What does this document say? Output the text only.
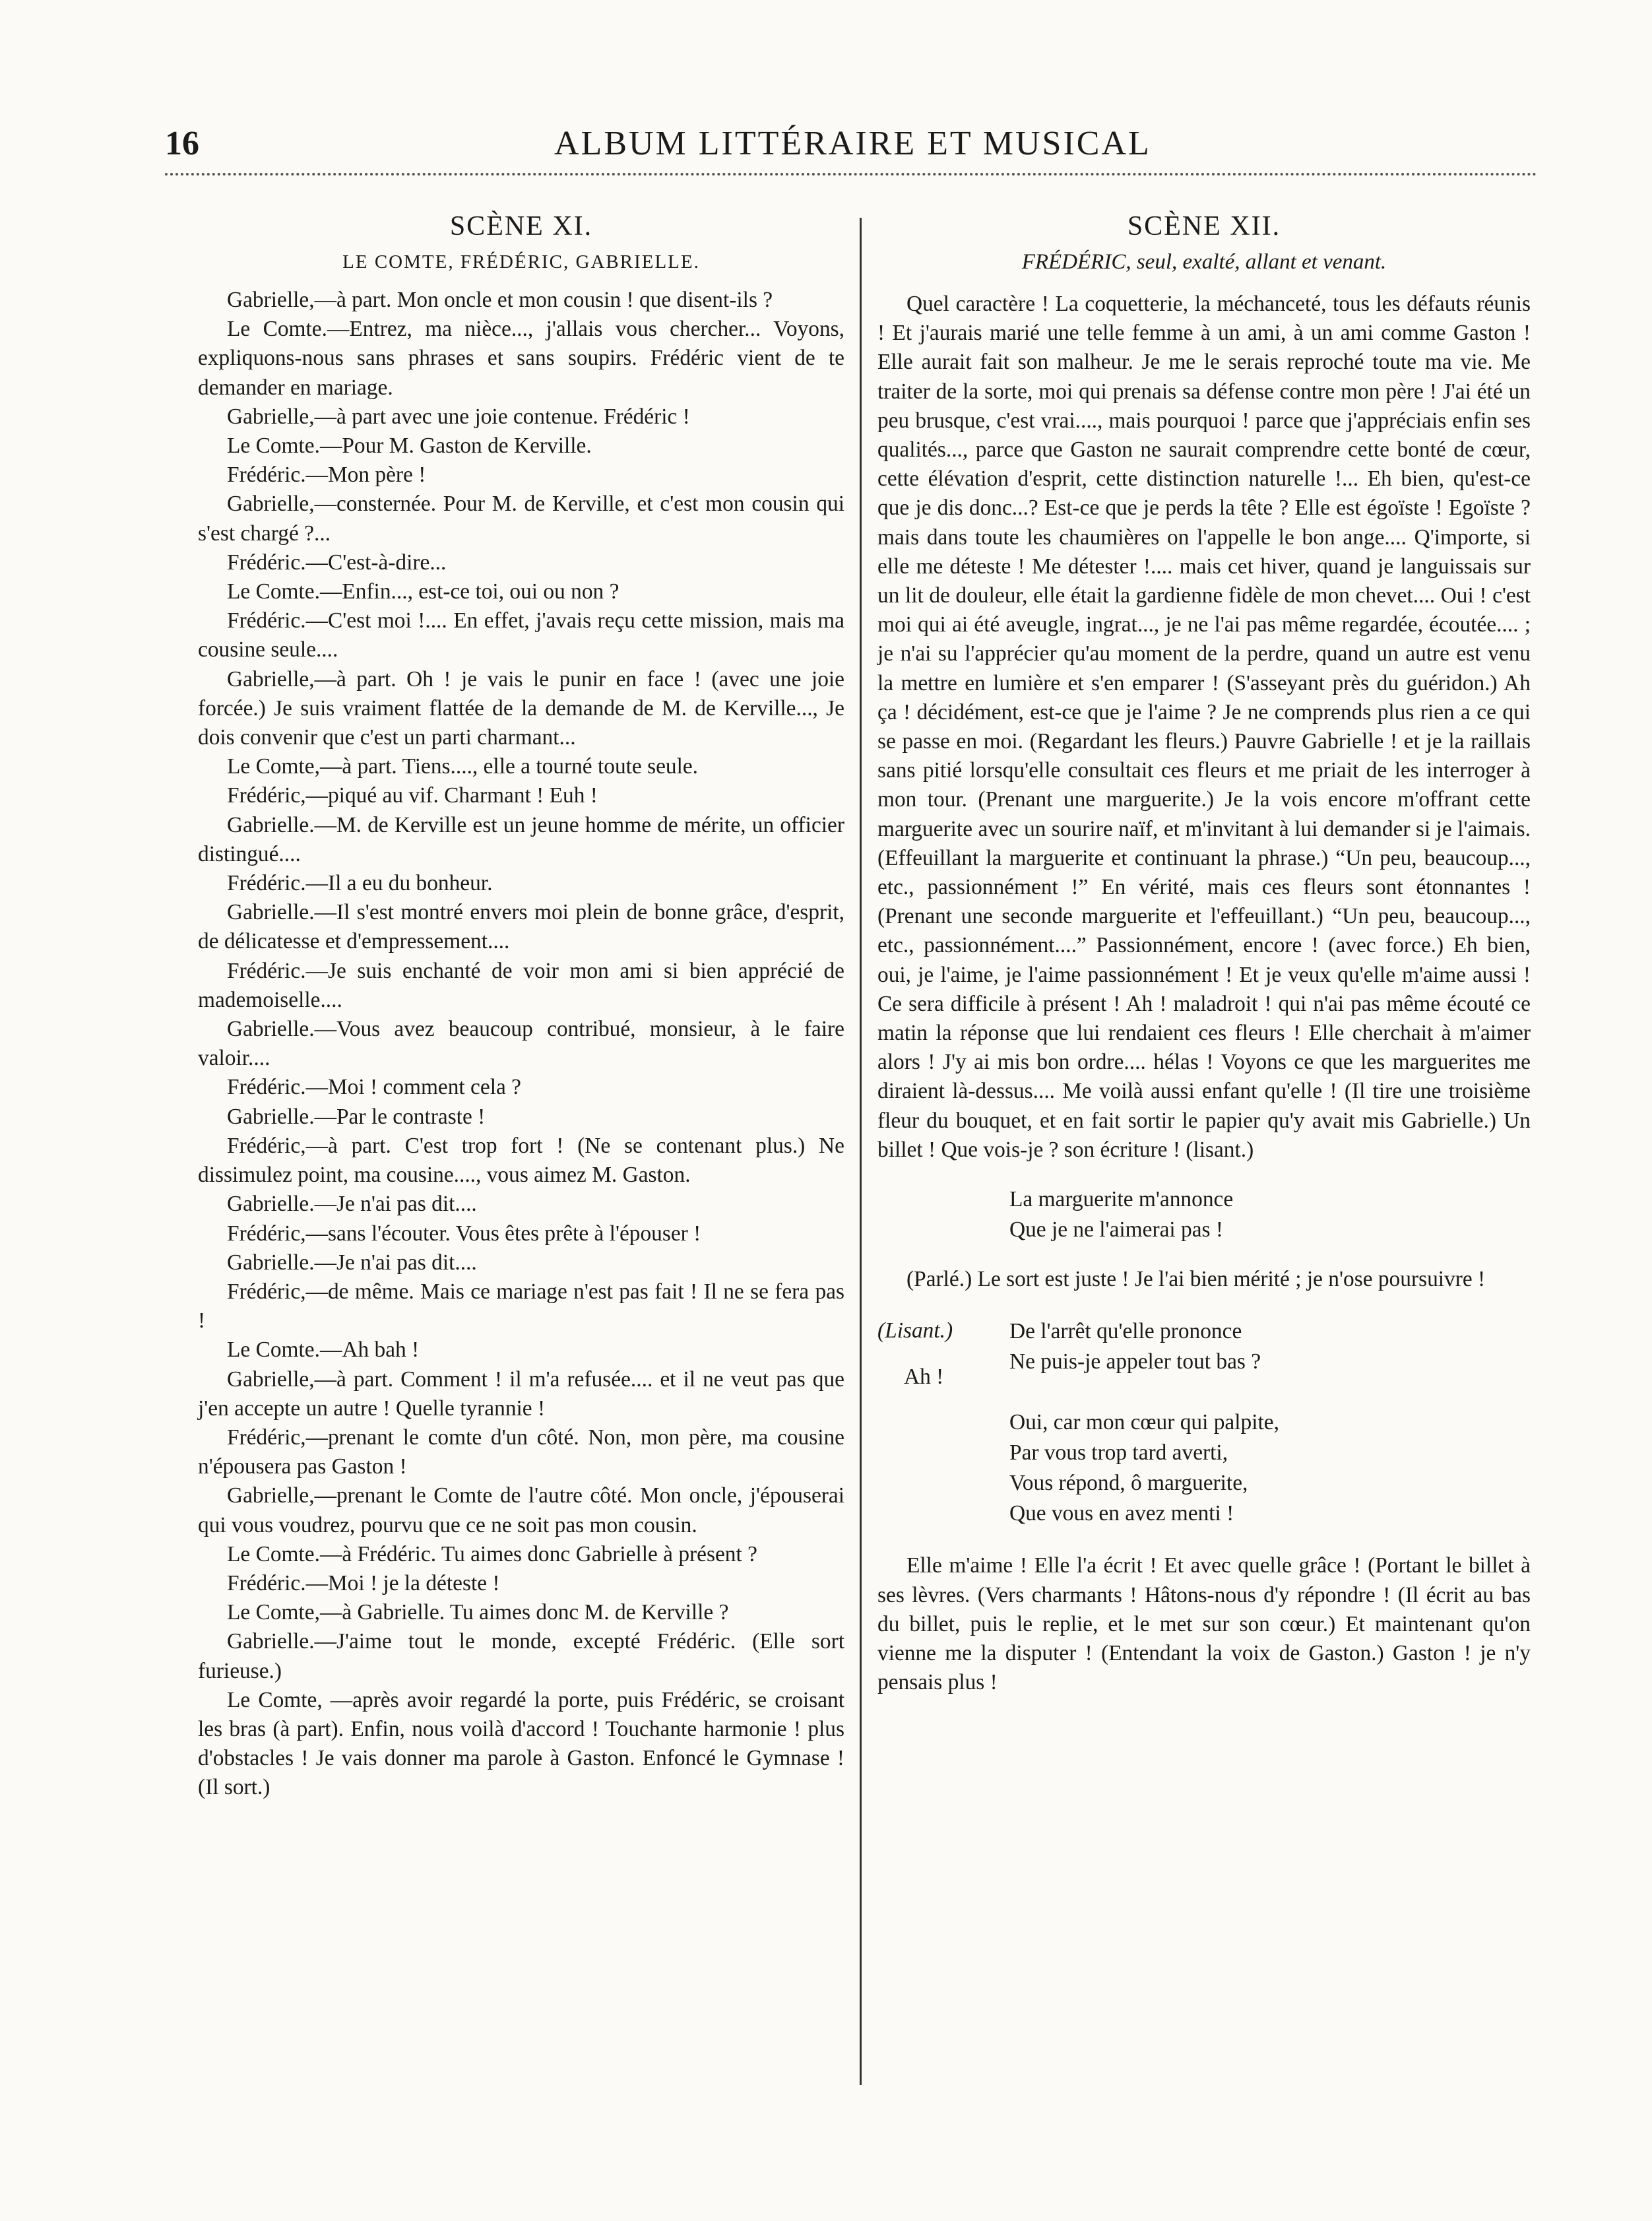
16	ALBUM LITTÉRAIRE ET MUSICAL
SCÈNE XI.
LE COMTE, FRÉDÉRIC, GABRIELLE.

Gabrielle,—à part. Mon oncle et mon cousin ! que disent-ils ?

Le Comte.—Entrez, ma nièce..., j'allais vous chercher... Voyons, expliquons-nous sans phrases et sans soupirs. Frédéric vient de te demander en mariage.

Gabrielle,—à part avec une joie contenue. Frédéric !

Le Comte.—Pour M. Gaston de Kerville.

Frédéric.—Mon père !

Gabrielle,—consternée. Pour M. de Kerville, et c'est mon cousin qui s'est chargé ?...

Frédéric.—C'est-à-dire...

Le Comte.—Enfin..., est-ce toi, oui ou non ?

Frédéric.—C'est moi !.... En effet, j'avais reçu cette mission, mais ma cousine seule....

Gabrielle,—à part. Oh ! je vais le punir en face ! (avec une joie forcée.) Je suis vraiment flattée de la demande de M. de Kerville..., Je dois convenir que c'est un parti charmant...

Le Comte,—à part. Tiens...., elle a tourné toute seule.

Frédéric,—piqué au vif. Charmant ! Euh !

Gabrielle.—M. de Kerville est un jeune homme de mérite, un officier distingué....

Frédéric.—Il a eu du bonheur.

Gabrielle.—Il s'est montré envers moi plein de bonne grâce, d'esprit, de délicatesse et d'empressement....

Frédéric.—Je suis enchanté de voir mon ami si bien apprécié de mademoiselle....

Gabrielle.—Vous avez beaucoup contribué, monsieur, à le faire valoir....

Frédéric.—Moi ! comment cela ?

Gabrielle.—Par le contraste !

Frédéric,—à part. C'est trop fort ! (Ne se contenant plus.) Ne dissimulez point, ma cousine...., vous aimez M. Gaston.

Gabrielle.—Je n'ai pas dit....

Frédéric,—sans l'écouter. Vous êtes prête à l'épouser !

Gabrielle.—Je n'ai pas dit....

Frédéric,—de même. Mais ce mariage n'est pas fait ! Il ne se fera pas !

Le Comte.—Ah bah !

Gabrielle,—à part. Comment ! il m'a refusée.... et il ne veut pas que j'en accepte un autre ! Quelle tyrannie !

Frédéric,—prenant le comte d'un côté. Non, mon père, ma cousine n'épousera pas Gaston !

Gabrielle,—prenant le Comte de l'autre côté. Mon oncle, j'épouserai qui vous voudrez, pourvu que ce ne soit pas mon cousin.

Le Comte.—à Frédéric. Tu aimes donc Gabrielle à présent ?

Frédéric.—Moi ! je la déteste !

Le Comte,—à Gabrielle. Tu aimes donc M. de Kerville ?

Gabrielle.—J'aime tout le monde, excepté Frédéric. (Elle sort furieuse.)

Le Comte, —après avoir regardé la porte, puis Frédéric, se croisant les bras (à part). Enfin, nous voilà d'accord ! Touchante harmonie ! plus d'obstacles ! Je vais donner ma parole à Gaston. Enfoncé le Gymnase ! (Il sort.)

SCÈNE XII.
FRÉDÉRIC, seul, exalté, allant et venant.

Quel caractère ! La coquetterie, la méchanceté, tous les défauts réunis ! Et j'aurais marié une telle femme à un ami, à un ami comme Gaston ! Elle aurait fait son malheur. Je me le serais reproché toute ma vie. Me traiter de la sorte, moi qui prenais sa défense contre mon père ! J'ai été un peu brusque, c'est vrai...., mais pourquoi ! parce que j'appréciais enfin ses qualités..., parce que Gaston ne saurait comprendre cette bonté de cœur, cette élévation d'esprit, cette distinction naturelle !... Eh bien, qu'est-ce que je dis donc...? Est-ce que je perds la tête ? Elle est égoïste ! Egoïste ? mais dans toute les chaumières on l'appelle le bon ange.... Q'importe, si elle me déteste ! Me détester !.... mais cet hiver, quand je languissais sur un lit de douleur, elle était la gardienne fidèle de mon chevet.... Oui ! c'est moi qui ai été aveugle, ingrat..., je ne l'ai pas même regardée, écoutée.... ; je n'ai su l'apprécier qu'au moment de la perdre, quand un autre est venu la mettre en lumière et s'en emparer ! (S'asseyant près du guéridon.) Ah ça ! décidément, est-ce que je l'aime ? Je ne comprends plus rien a ce qui se passe en moi. (Regardant les fleurs.) Pauvre Gabrielle ! et je la raillais sans pitié lorsqu'elle consultait ces fleurs et me priait de les interroger à mon tour. (Prenant une marguerite.) Je la vois encore m'offrant cette marguerite avec un sourire naïf, et m'invitant à lui demander si je l'aimais. (Effeuillant la marguerite et continuant la phrase.) “Un peu, beaucoup..., etc., passionnément !” En vérité, mais ces fleurs sont étonnantes ! (Prenant une seconde marguerite et l'effeuillant.) “Un peu, beaucoup..., etc., passionnément....” Passionnément, encore ! (avec force.) Eh bien, oui, je l'aime, je l'aime passionnément ! Et je veux qu'elle m'aime aussi ! Ce sera difficile à présent ! Ah ! maladroit ! qui n'ai pas même écouté ce matin la réponse que lui rendaient ces fleurs ! Elle cherchait à m'aimer alors ! J'y ai mis bon ordre.... hélas ! Voyons ce que les marguerites me diraient là-dessus.... Me voilà aussi enfant qu'elle ! (Il tire une troisième fleur du bouquet, et en fait sortir le papier qu'y avait mis Gabrielle.) Un billet ! Que vois-je ? son écriture ! (lisant.)

La marguerite m'annonce
Que je ne l'aimerai pas !

(Parlé.) Le sort est juste ! Je l'ai bien mérité ; je n'ose poursuivre !

(Lisant.)
Ah !
De l'arrêt qu'elle prononce
Ne puis-je appeler tout bas ?
Oui, car mon cœur qui palpite,
Par vous trop tard averti,
Vous répond, ô marguerite,
Que vous en avez menti !

Elle m'aime ! Elle l'a écrit ! Et avec quelle grâce ! (Portant le billet à ses lèvres. (Vers charmants ! Hâtons-nous d'y répondre ! (Il écrit au bas du billet, puis le replie, et le met sur son cœur.) Et maintenant qu'on vienne me la disputer ! (Entendant la voix de Gaston.) Gaston ! je n'y pensais plus !
